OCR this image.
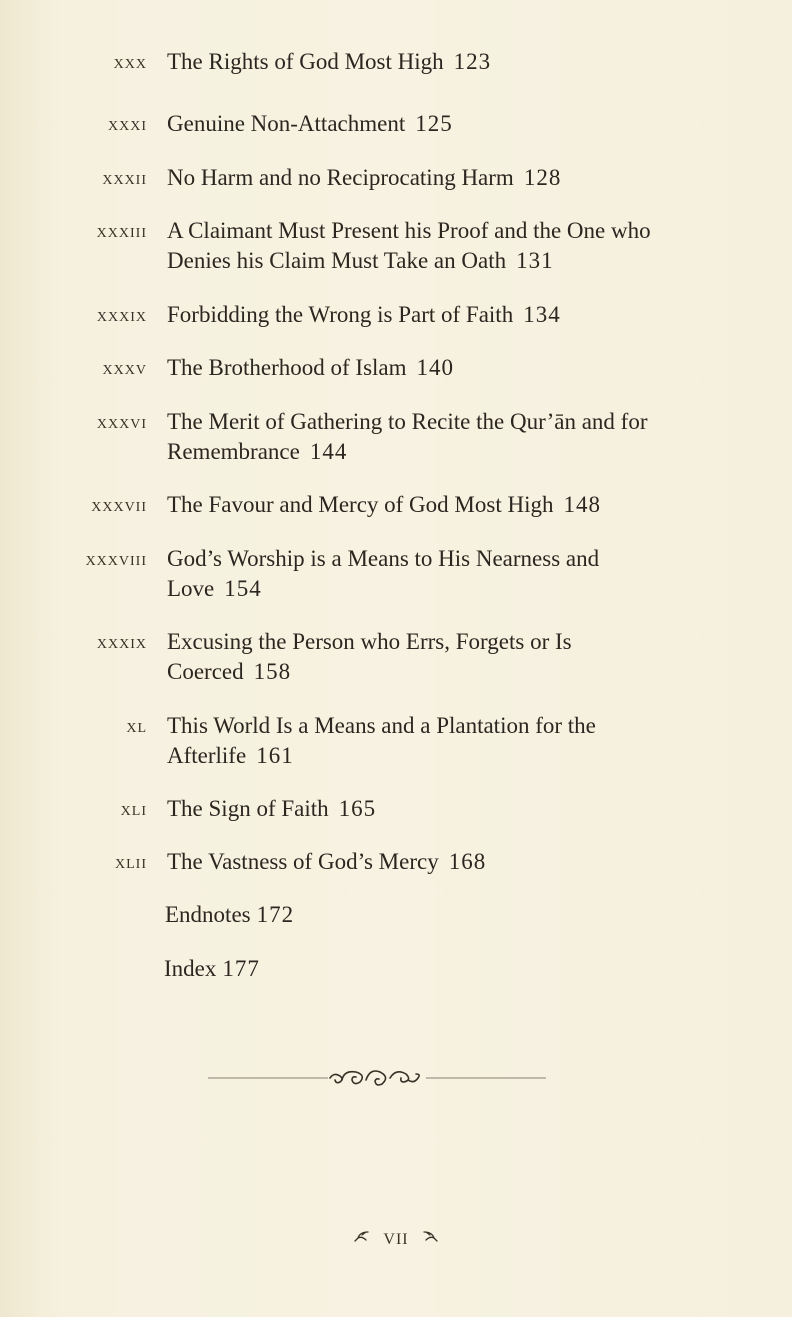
xxx The Rights of God Most High 123
xxxi Genuine Non-Attachment 125
xxxii No Harm and no Reciprocating Harm 128
xxxiii A Claimant Must Present his Proof and the One who Denies his Claim Must Take an Oath 131
xxxix Forbidding the Wrong is Part of Faith 134
xxxv The Brotherhood of Islam 140
xxxvi The Merit of Gathering to Recite the Qur’ān and for Remembrance 144
xxxvii The Favour and Mercy of God Most High 148
xxxviii God’s Worship is a Means to His Nearness and Love 154
xxxix Excusing the Person who Errs, Forgets or Is Coerced 158
xl This World Is a Means and a Plantation for the Afterlife 161
xli The Sign of Faith 165
xlii The Vastness of God’s Mercy 168
Endnotes 172
Index 177
VII
